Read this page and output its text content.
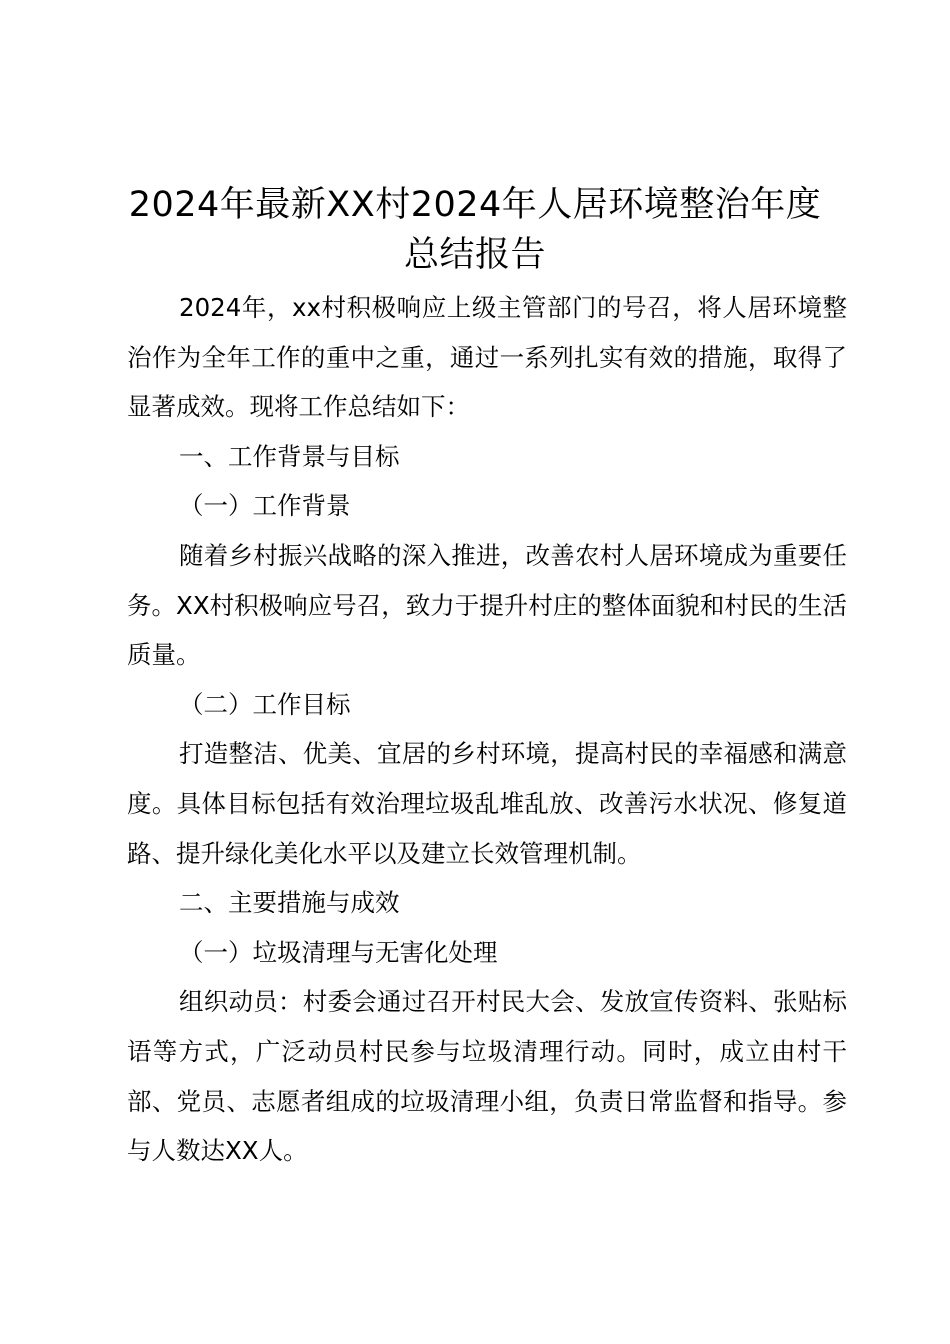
2024年最新XX村2024年人居环境整治年度总结报告

2024年，xx村积极响应上级主管部门的号召，将人居环境整治作为全年工作的重中之重，通过一系列扎实有效的措施，取得了显著成效。现将工作总结如下：

一、工作背景与目标

（一）工作背景

随着乡村振兴战略的深入推进，改善农村人居环境成为重要任务。XX村积极响应号召，致力于提升村庄的整体面貌和村民的生活质量。

（二）工作目标

打造整洁、优美、宜居的乡村环境，提高村民的幸福感和满意度。具体目标包括有效治理垃圾乱堆乱放、改善污水状况、修复道路、提升绿化美化水平以及建立长效管理机制。

二、主要措施与成效

（一）垃圾清理与无害化处理

组织动员：村委会通过召开村民大会、发放宣传资料、张贴标语等方式，广泛动员村民参与垃圾清理行动。同时，成立由村干部、党员、志愿者组成的垃圾清理小组，负责日常监督和指导。参与人数达XX人。
